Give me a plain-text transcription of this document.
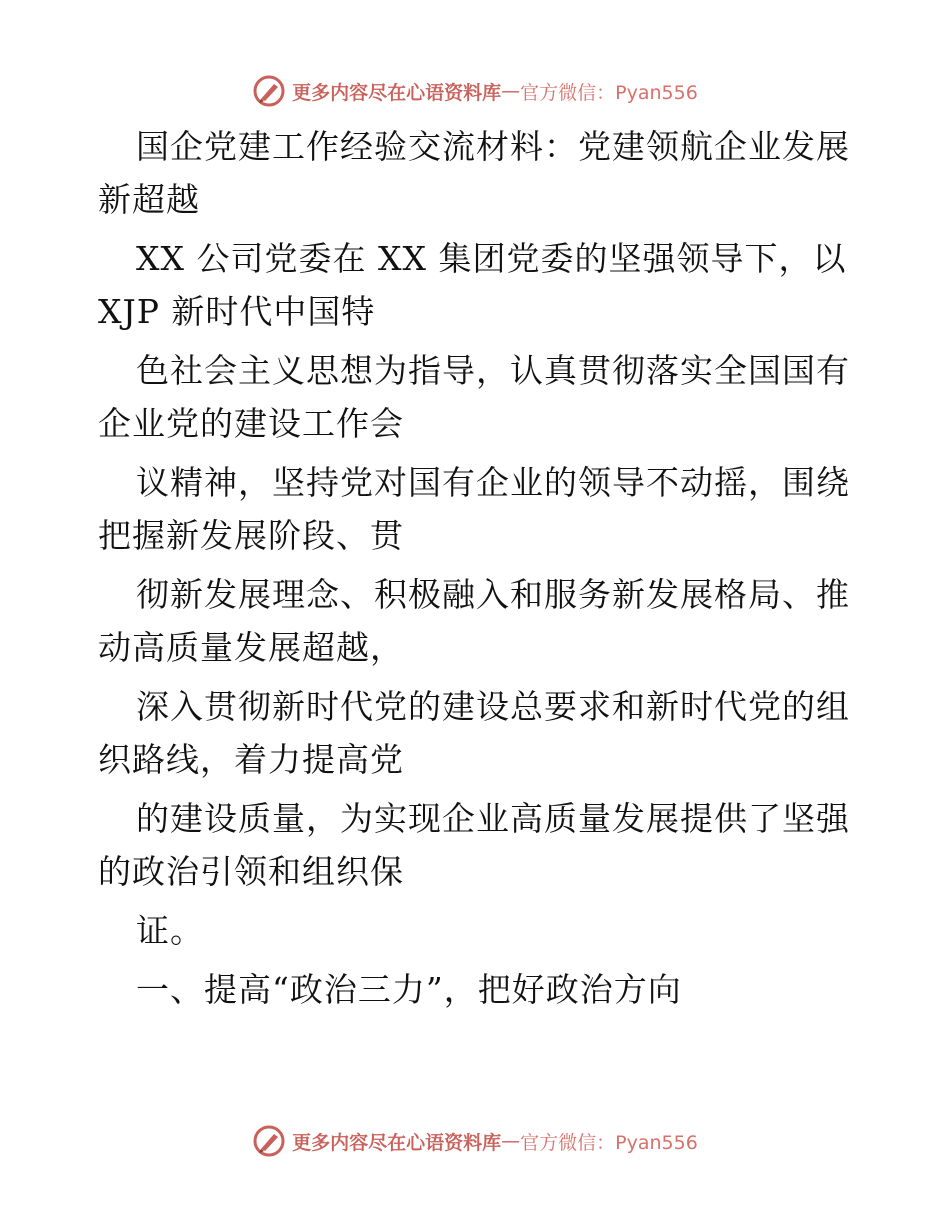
更多内容尽在心语资料库 — 官方微信：Pyan556

国企党建工作经验交流材料：党建领航企业发展新超越

XX 公司党委在 XX 集团党委的坚强领导下，以 XJP 新时代中国特

色社会主义思想为指导，认真贯彻落实全国国有企业党的建设工作会

议精神，坚持党对国有企业的领导不动摇，围绕把握新发展阶段、贯

彻新发展理念、积极融入和服务新发展格局、推动高质量发展超越，

深入贯彻新时代党的建设总要求和新时代党的组织路线，着力提高党

的建设质量，为实现企业高质量发展提供了坚强的政治引领和组织保

证。

一、提高“政治三力”，把好政治方向

更多内容尽在心语资料库 — 官方微信：Pyan556
